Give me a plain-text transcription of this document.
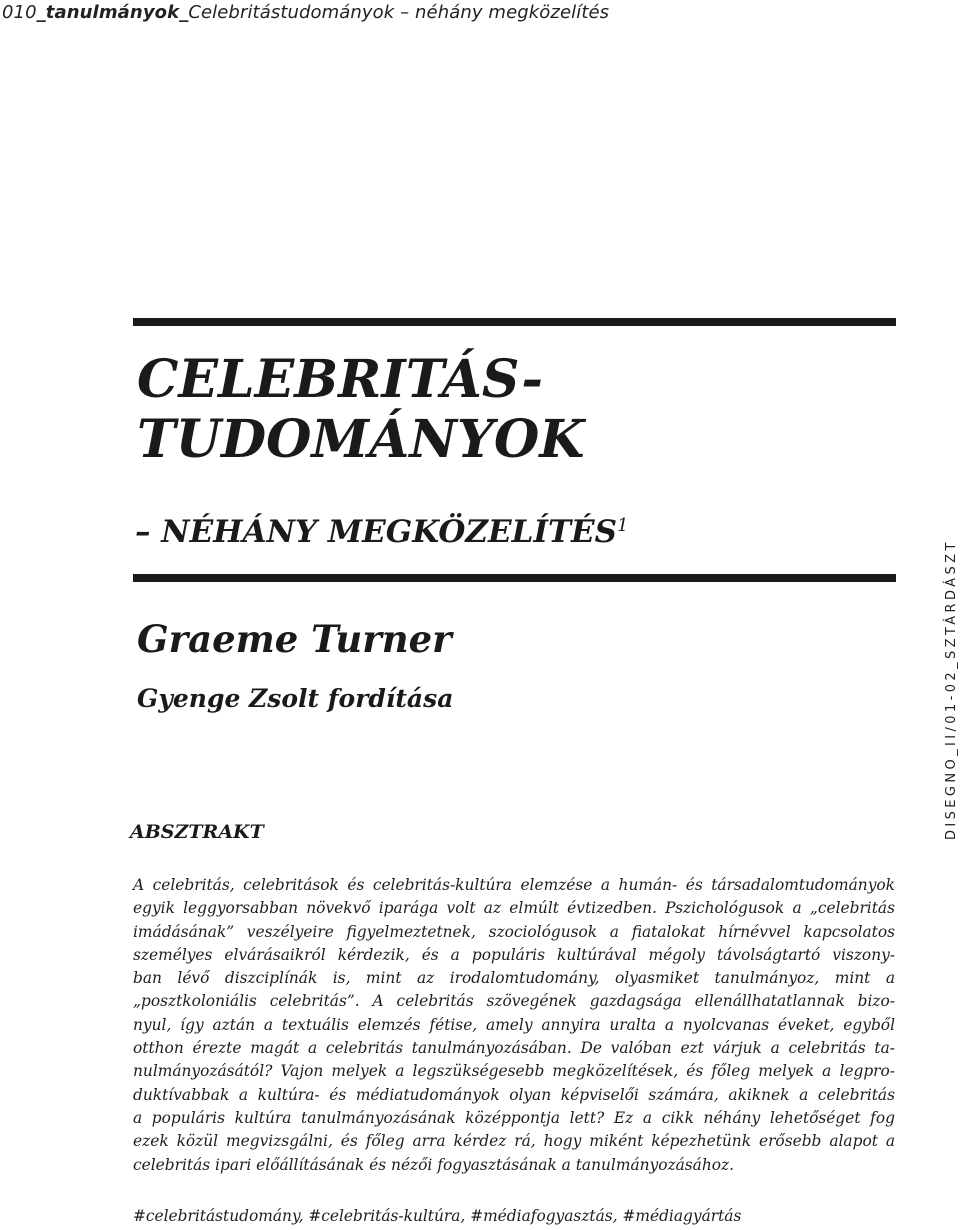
010_tanulmányok_Celebritástudományok – néhány megközelítés
CELEBRITÁS-
TUDOMÁNYOK
– NÉHÁNY MEGKÖZELÍTÉS$^1$
Graeme Turner
Gyenge Zsolt fordítása
ABSZTRAKT

A celebritás, celebritások és celebritás-kultúra elemzése a humán- és társadalomtudományok
egyik leggyorsabban növekvő iparága volt az elmúlt évtizedben. Pszichológusok a „celebritás
imádásának” veszélyeire figyelmeztetnek, szociológusok a fiatalokat hírnévvel kapcsolatos
személyes elvárásaikról kérdezik, és a populáris kultúrával mégoly távolságtartó viszony-
ban lévő diszciplínák is, mint az irodalomtudomány, olyasmiket tanulmányoz, mint a
„posztkoloniális celebritás”. A celebritás szövegének gazdagsága ellenállhatatlannak bizo-
nyul, így aztán a textuális elemzés fétise, amely annyira uralta a nyolcvanas éveket, egyből
otthon érezte magát a celebritás tanulmányozásában. De valóban ezt várjuk a celebritás ta-
nulmányozásától? Vajon melyek a legszükségesebb megközelítések, és főleg melyek a legpro-
duktívabbak a kultúra- és médiatudományok olyan képviselői számára, akiknek a celebritás
a populáris kultúra tanulmányozásának középpontja lett? Ez a cikk néhány lehetőséget fog
ezek közül megvizsgálni, és főleg arra kérdez rá, hogy miként képezhetünk erősebb alapot a
celebritás ipari előállításának és nézői fogyasztásának a tanulmányozásához.

#celebritástudomány, #celebritás-kultúra, #médiafogyasztás, #médiagyártás

DISEGNO_II/01-02_SZTÁRDÁSZT
